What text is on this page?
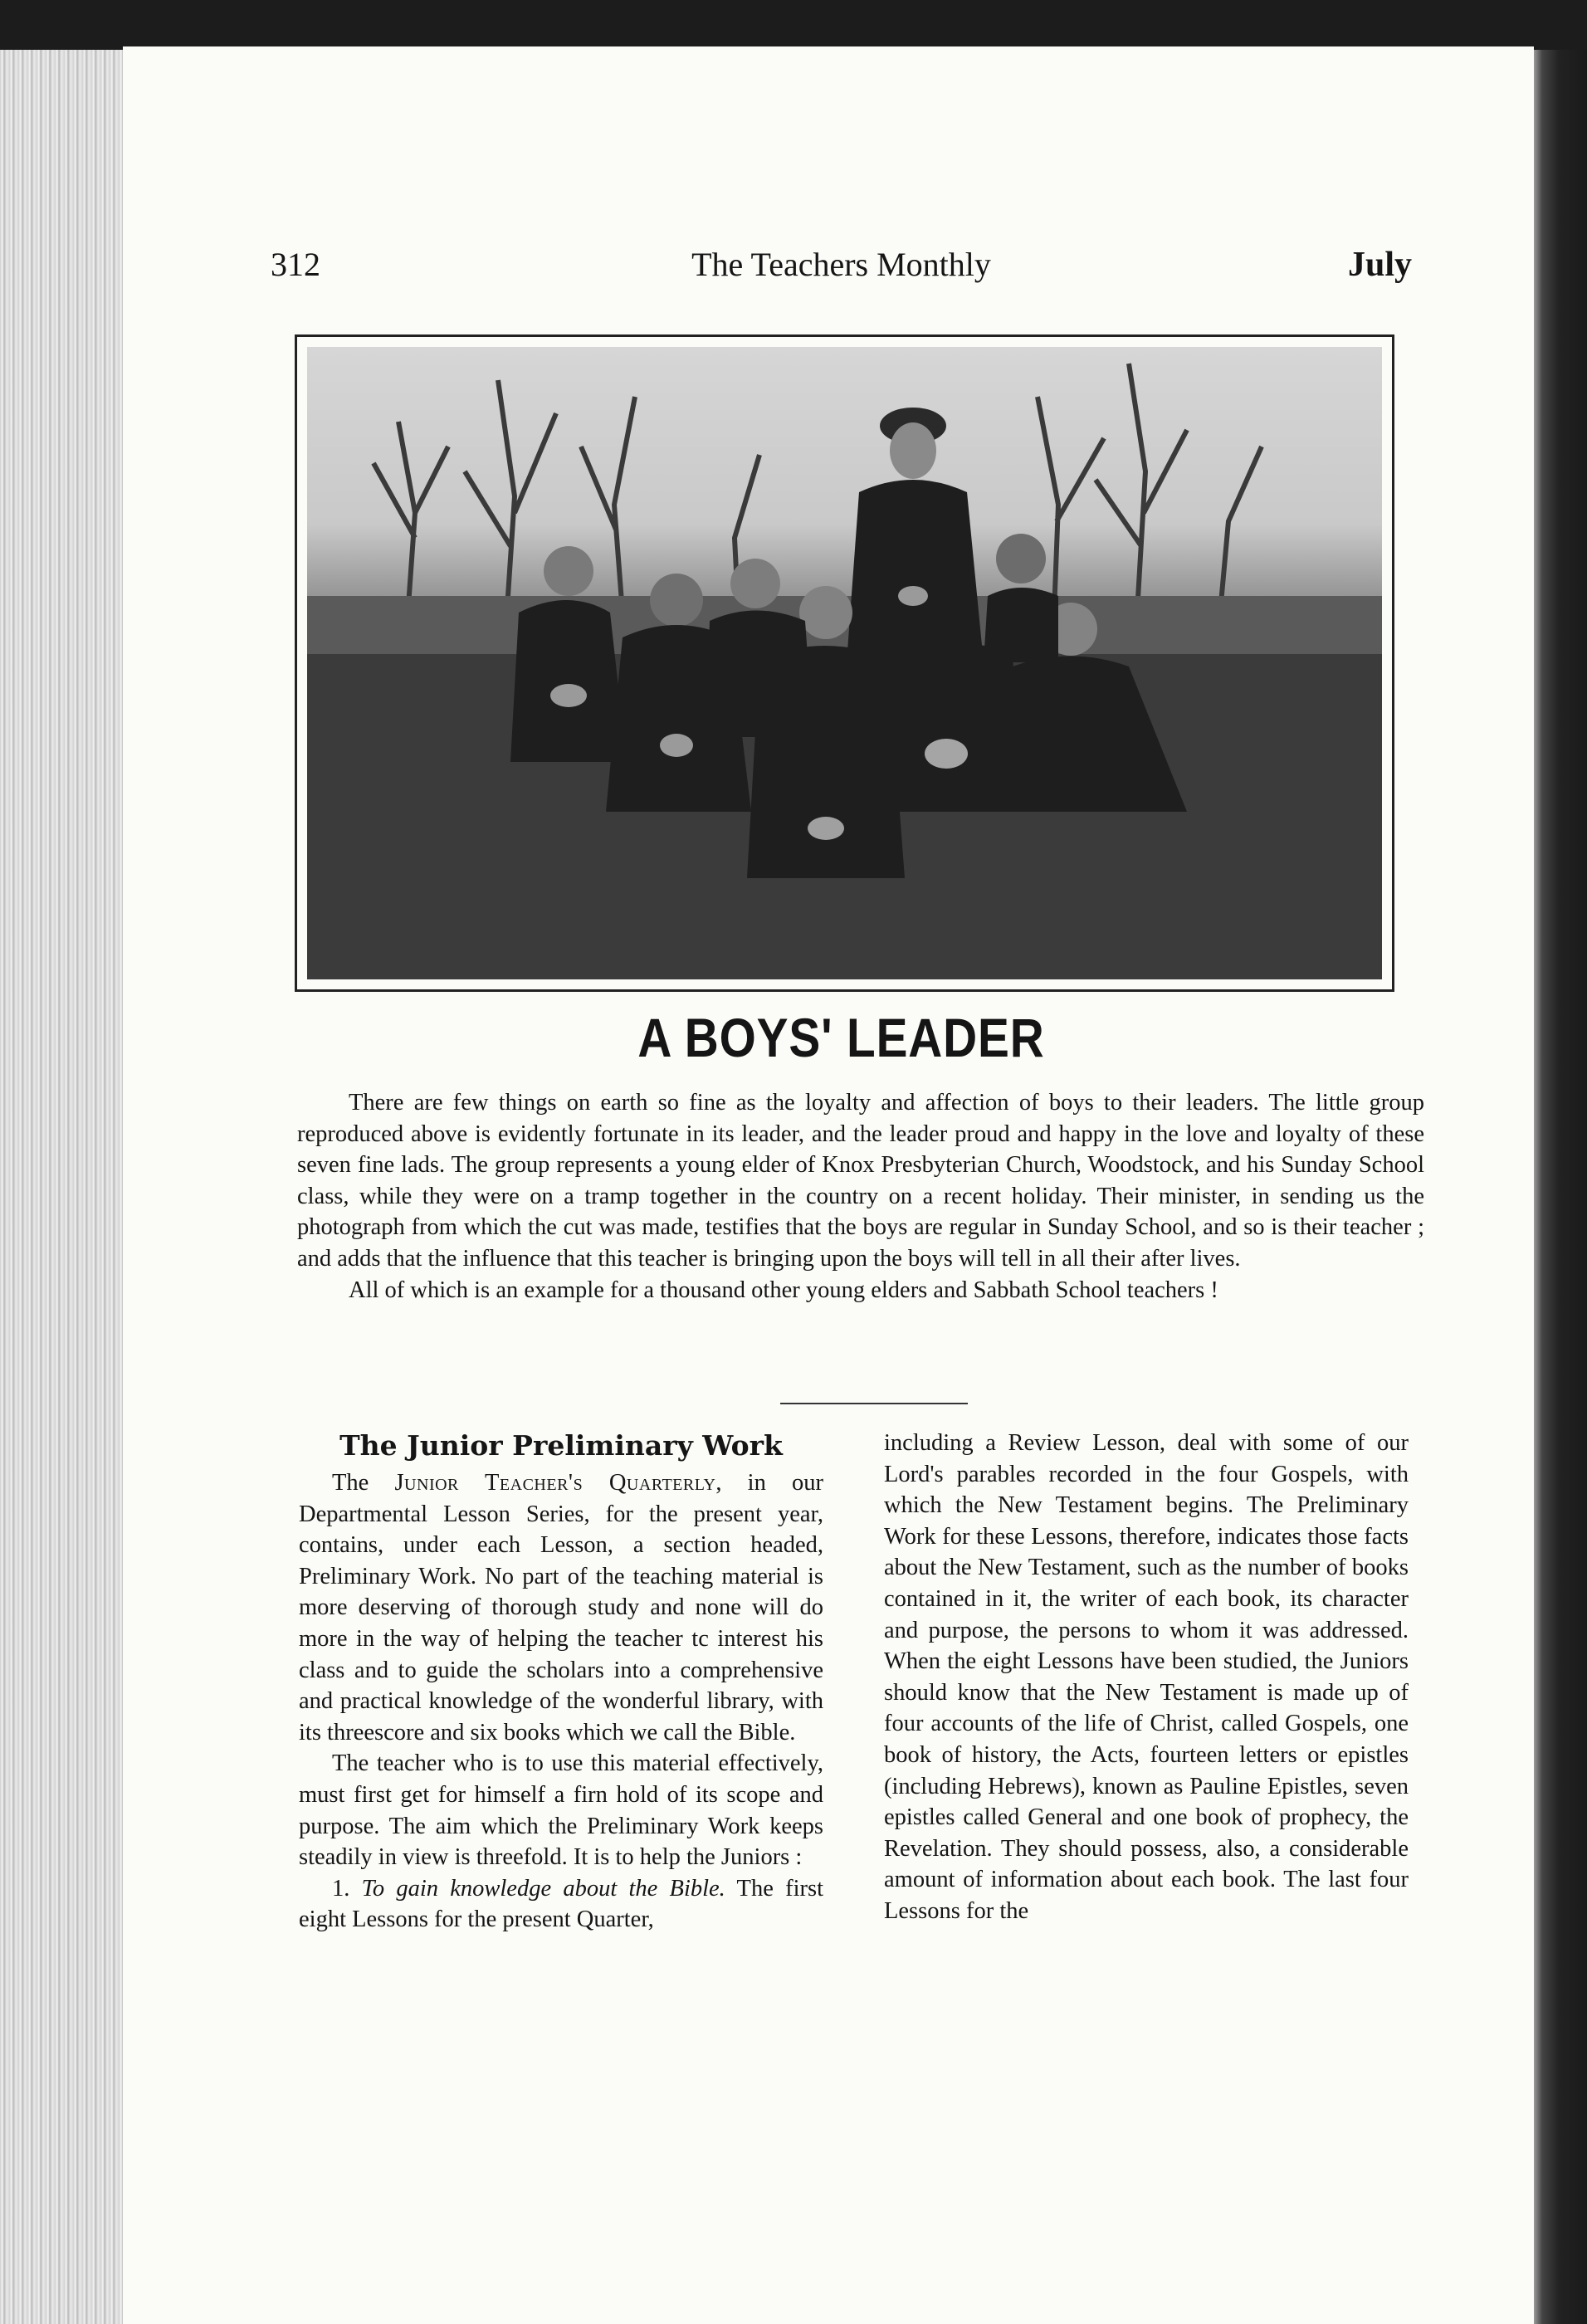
312	The Teachers Monthly	July
A BOYS' LEADER

There are few things on earth so fine as the loyalty and affection of boys to their leaders. The little group reproduced above is evidently fortunate in its leader, and the leader proud and happy in the love and loyalty of these seven fine lads. The group represents a young elder of Knox Presbyterian Church, Woodstock, and his Sunday School class, while they were on a tramp together in the country on a recent holiday. Their minister, in sending us the photograph from which the cut was made, testifies that the boys are regular in Sunday School, and so is their teacher ; and adds that the influence that this teacher is bringing upon the boys will tell in all their after lives.

All of which is an example for a thousand other young elders and Sabbath School teachers !

The Junior Preliminary Work

The Junior Teacher's Quarterly, in our Departmental Lesson Series, for the present year, contains, under each Lesson, a section headed, Preliminary Work. No part of the teaching material is more deserving of thorough study and none will do more in the way of helping the teacher tc interest his class and to guide the scholars into a comprehensive and practical knowledge of the wonderful library, with its threescore and six books which we call the Bible.

The teacher who is to use this material effectively, must first get for himself a firn hold of its scope and purpose. The aim which the Preliminary Work keeps steadily in view is threefold. It is to help the Juniors :

1. To gain knowledge about the Bible. The first eight Lessons for the present Quarter,

including a Review Lesson, deal with some of our Lord's parables recorded in the four Gospels, with which the New Testament begins. The Preliminary Work for these Lessons, therefore, indicates those facts about the New Testament, such as the number of books contained in it, the writer of each book, its character and purpose, the persons to whom it was addressed. When the eight Lessons have been studied, the Juniors should know that the New Testament is made up of four accounts of the life of Christ, called Gospels, one book of history, the Acts, fourteen letters or epistles (including Hebrews), known as Pauline Epistles, seven epistles called General and one book of prophecy, the Revelation. They should possess, also, a considerable amount of information about each book. The last four Lessons for the
